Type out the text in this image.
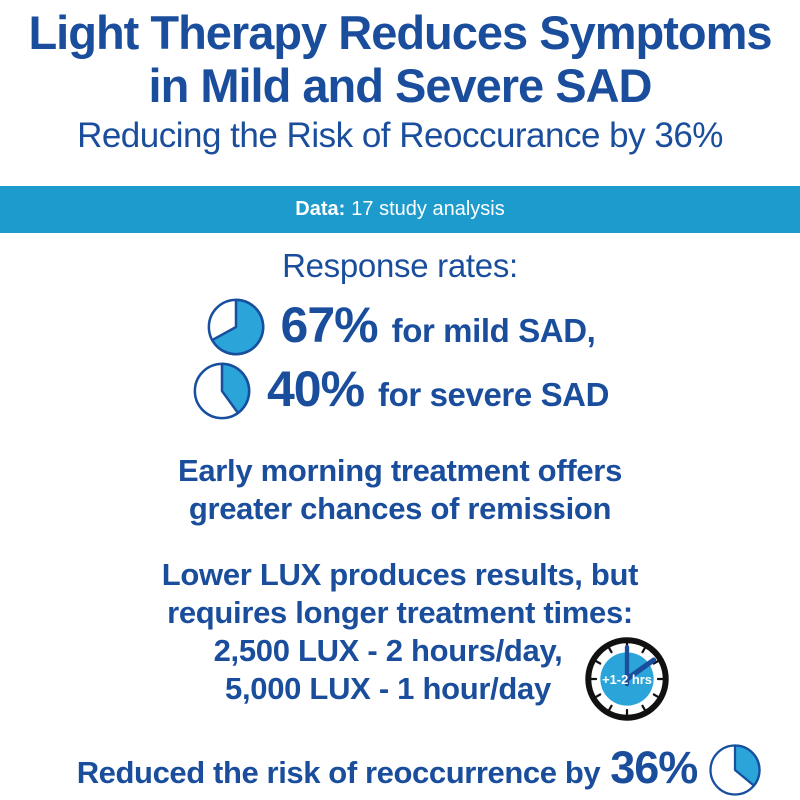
Light Therapy Reduces Symptoms
in Mild and Severe SAD
Reducing the Risk of Reoccurance by 36%
Data: 17 study analysis
Response rates:
67% for mild SAD,
40% for severe SAD
Early morning treatment offers
greater chances of remission
Lower LUX produces results, but
requires longer treatment times:
2,500 LUX - 2 hours/day,
5,000 LUX - 1 hour/day	+1-2 hrs
Reduced the risk of reoccurrence by 36%
